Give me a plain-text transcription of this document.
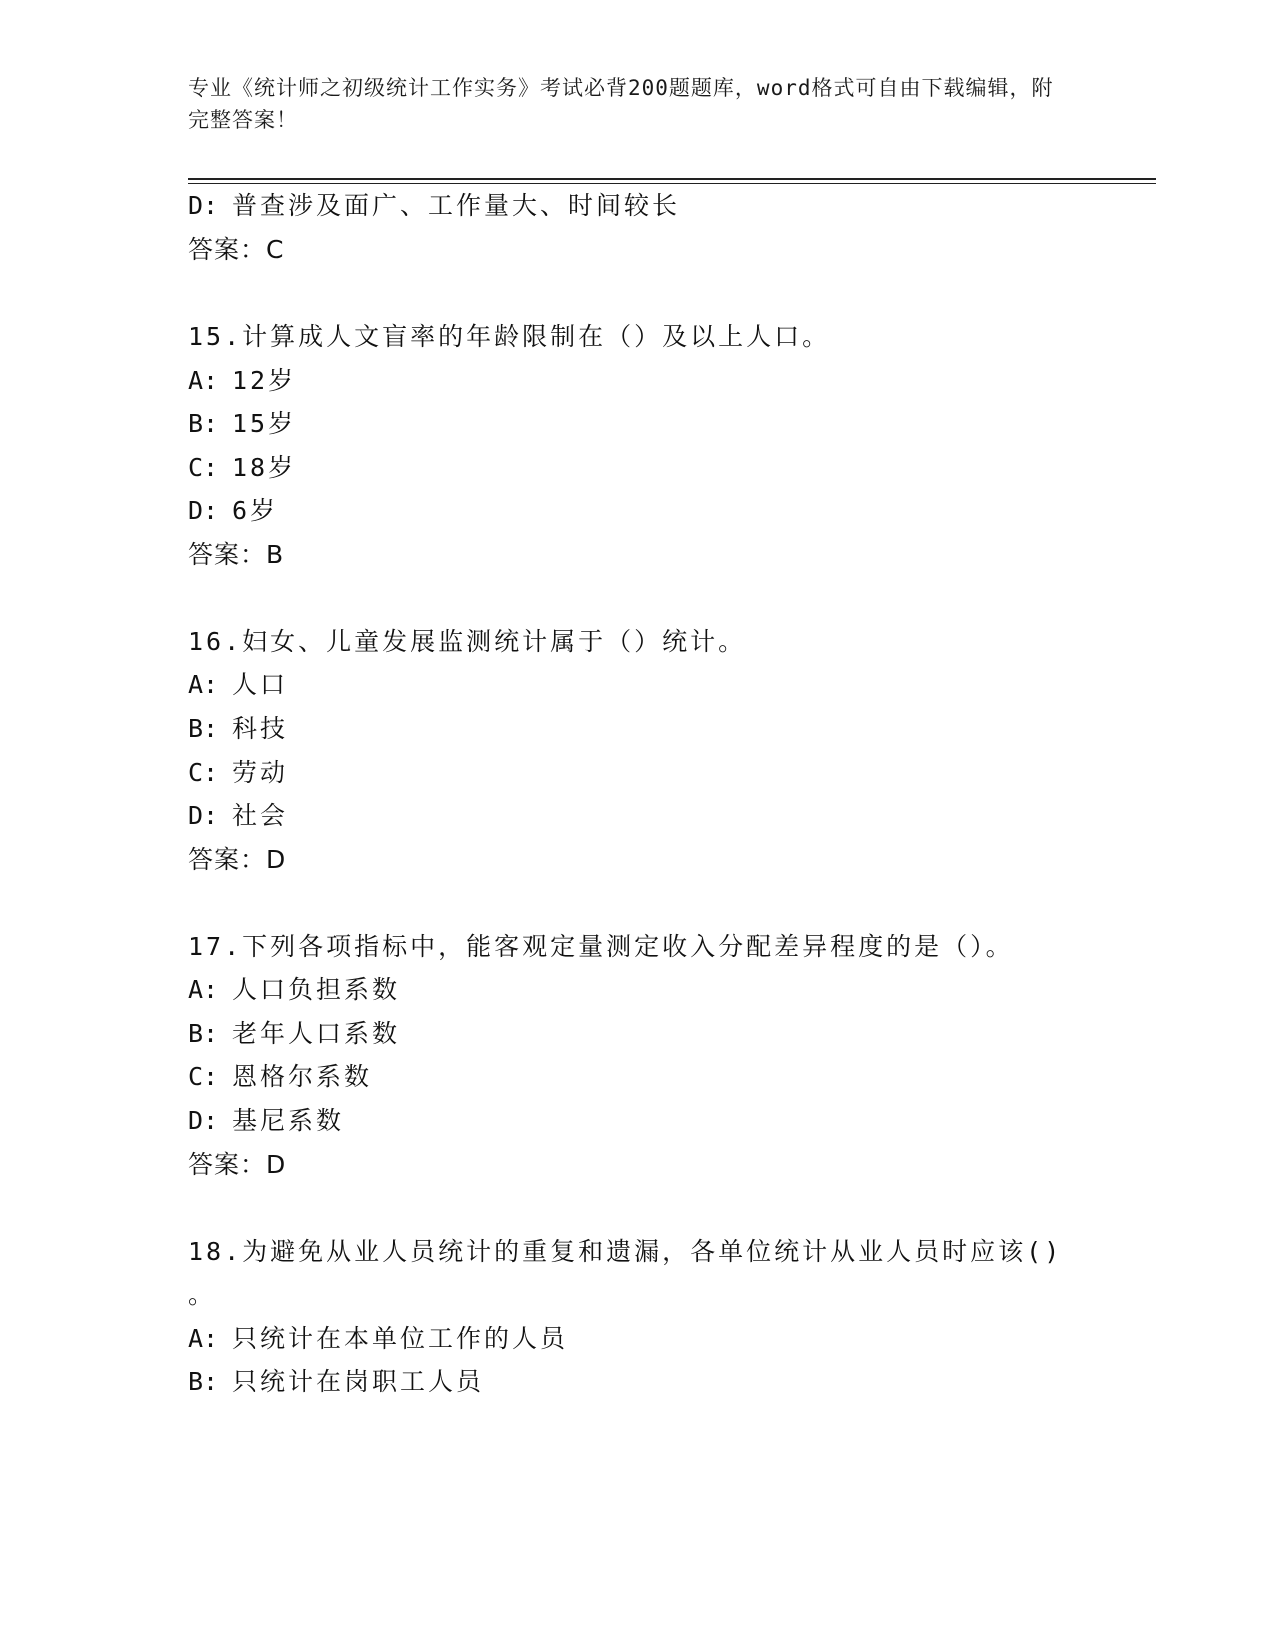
专业《统计师之初级统计工作实务》考试必背200题题库，word格式可自由下载编辑，附完整答案！
D: 普查涉及面广、工作量大、时间较长
答案：C
15.计算成人文盲率的年龄限制在（）及以上人口。
A: 12岁
B: 15岁
C: 18岁
D: 6岁
答案：B
16.妇女、儿童发展监测统计属于（）统计。
A: 人口
B: 科技
C: 劳动
D: 社会
答案：D
17.下列各项指标中，能客观定量测定收入分配差异程度的是（）。
A: 人口负担系数
B: 老年人口系数
C: 恩格尔系数
D: 基尼系数
答案：D
18.为避免从业人员统计的重复和遗漏，各单位统计从业人员时应该()
。
A: 只统计在本单位工作的人员
B: 只统计在岗职工人员
